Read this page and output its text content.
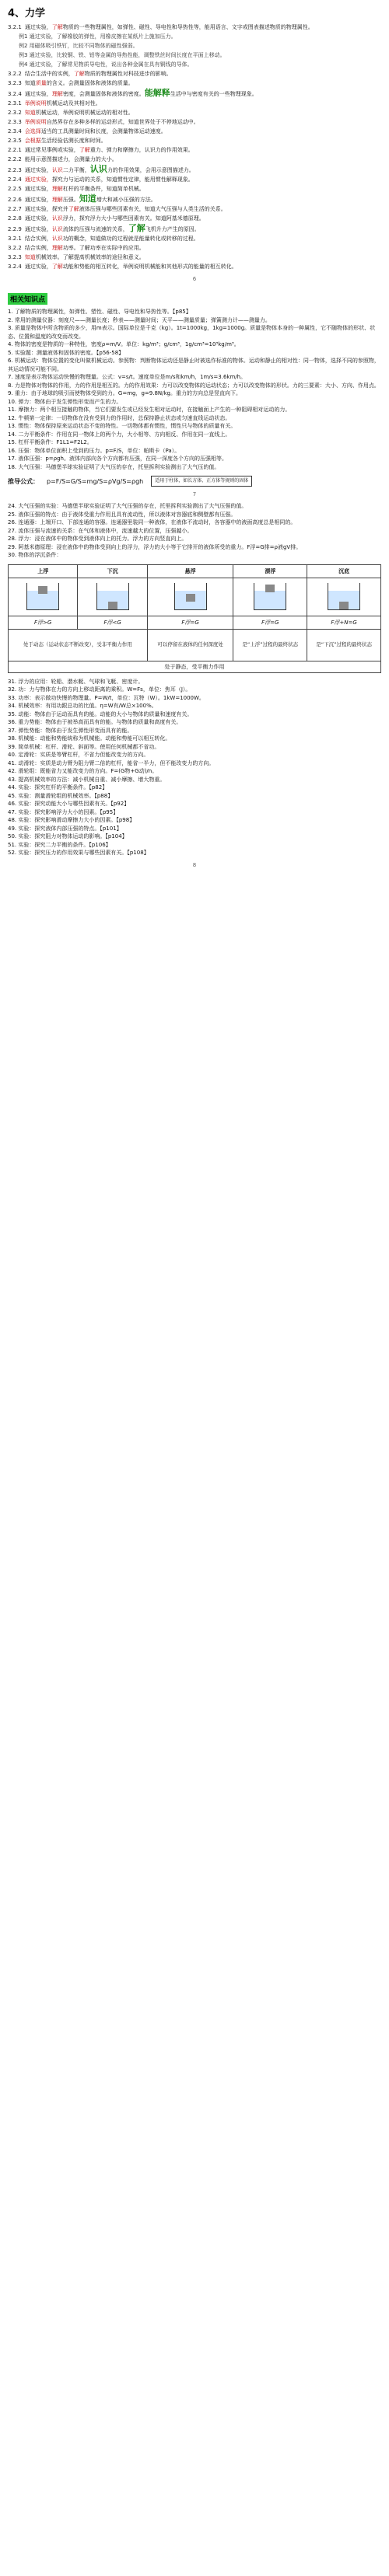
4、力学
3.2.1 通过实验，了解物质的一些物理属性，如弹性、磁性、导电性和导热性等，能用语言、文字或图表描述物质的物理属性。
例1 通过实验，了解橡胶的弹性，用橡皮擦在某纸片上施加压力。
例2 用磁体吸引铁钉，比较不同物体的磁性强弱。
例3 通过实验，比较铜、铁、铝等金属的导热性能，调整铁丝时间长度在平面上移动。
例4 通过实验，了解常见物质导电性，说出各种金属在具有铜线的导体。
3.2.2 结合生活中的实例，了解物质的物理属性对科技进步的影响。
3.2.3 知道质量的含义。会测量固体和液体的质量。
3.2.4 通过实验，理解密度，会测量固体和液体的密度。能解释生活中与密度有关的一些物理现象。
2.3.1 举例说明机械运动及其相对性。
2.3.2 知道机械运动，举例说明机械运动的相对性。
2.3.3 举例说明自然界存在多种多样的运动形式，知道世界处于不停地运动中。
2.3.4 会选择适当的工具测量时间和长度，会测量物体运动速度。
2.3.5 会根据生活经验估测长度和时间。
2.2.1 通过常见事例或实验，了解重力、弹力和摩擦力，认识力的作用效果。
2.2.2 能用示意图描述力，会测量力的大小。
2.2.3 通过实验，认识二力平衡，认识力的作用效果，会用示意图描述力。
2.2.4 通过实验，探究力与运动的关系，知道惯性定律，能用惯性解释现象。
2.2.5 通过实验，理解杠杆的平衡条件，知道简单机械。
2.2.6 通过实验，理解压强。知道增大和减小压强的方法。
2.2.7 通过实验，探究并了解液体压强与哪些因素有关，知道大气压强与人类生活的关系。
2.2.8 通过实验，认识浮力，探究浮力大小与哪些因素有关。知道阿基米德原理。
2.2.9 通过实验，认识流体的压强与流速的关系，了解飞机升力产生的原因。
3.2.1 结合实例，认识功的概念，知道做功的过程就是能量转化或转移的过程。
3.2.2 结合实例，理解功率。了解功率在实际中的应用。
3.2.3 知道机械效率。了解提高机械效率的途径和意义。
3.2.4 通过实验，了解动能和势能的相互转化，举例说明机械能和其他形式的能量的相互转化。
6
相关知识点
1. 了解物质的物理属性，如弹性、塑性、磁性、导电性和导热性等。【p85】
2. 常用的测量仪器：刻度尺——测量长度；秒表——测量时间；天平——测量质量；弹簧测力计——测量力。
3. 质量是物体中所含物质的多少，用m表示。国际单位是千克（kg）。1t=1000kg，1kg=1000g。质量是物体本身的一种属性，它不随物体的形状、状态、位置和温度的改变而改变。
4. 物体的密度是物质的一种特性，密度ρ=m/V。单位：kg/m³；g/cm³，1g/cm³=10³kg/m³。
5. 实验题：测量液体和固体的密度。【p56-58】
6. 机械运动：物体位置的变化叫做机械运动。参照物：判断物体运动还是静止时被选作标准的物体。运动和静止的相对性：同一物体，选择不同的参照物，其运动情况可能不同。
7. 速度是表示物体运动快慢的物理量。公式：v=s/t。速度单位是m/s和km/h，1m/s=3.6km/h。
8. 力是物体对物体的作用，力的作用是相互的。力的作用效果：力可以改变物体的运动状态；力可以改变物体的形状。力的三要素：大小、方向、作用点。
9. 重力：由于地球的吸引而使物体受到的力。G=mg，g=9.8N/kg。重力的方向总是竖直向下。
10. 弹力：物体由于发生弹性形变而产生的力。
11. 摩擦力：两个相互接触的物体，当它们要发生或已经发生相对运动时，在接触面上产生的一种阻碍相对运动的力。
12. 牛顿第一定律：一切物体在没有受到力的作用时，总保持静止状态或匀速直线运动状态。
13. 惯性：物体保持原来运动状态不变的特性。一切物体都有惯性，惯性只与物体的质量有关。
14. 二力平衡条件：作用在同一物体上的两个力，大小相等、方向相反、作用在同一直线上。
15. 杠杆平衡条件：F1L1=F2L2。
16. 压强：物体单位面积上受到的压力。p=F/S，单位：帕斯卡（Pa）。
17. 液体压强：p=ρgh。液体内部向各个方向都有压强，在同一深度各个方向的压强相等。
18. 大气压强：马德堡半球实验证明了大气压的存在，托里拆利实验测出了大气压的值。
推导公式： p=F/S=G/S=mg/S=ρVg/S=ρgh	适用于柱体，如长方体、正方体等规则的固体
7
24. 大气压强的实验：马德堡半球实验证明了大气压强的存在，托里拆利实验测出了大气压强的值。
25. 液体压强的特点：由于液体受重力作用且具有流动性，所以液体对容器底和侧壁都有压强。
26. 连通器：上端开口、下部连通的容器。连通器里装同一种液体，在液体不流动时，各容器中的液面高度总是相同的。
27. 流体压强与流速的关系：在气体和液体中，流速越大的位置，压强越小。
28. 浮力：浸在液体中的物体受到液体向上的托力。浮力的方向竖直向上。
29. 阿基米德原理：浸在液体中的物体受到向上的浮力，浮力的大小等于它排开的液体所受的重力。F浮=G排=ρ液gV排。
30. 物体的浮沉条件：
上浮	下沉	悬浮	漂浮	沉底

F浮>G	F浮<G	F浮=G	F浮=G	F浮+N=G
处于动态（运动状态不断改变），受非平衡力作用		可以停留在液体的任何深度处	是“上浮”过程的最终状态	是“下沉”过程的最终状态
处于静态，受平衡力作用				
31. 浮力的应用：轮船、潜水艇、气球和飞艇、密度计。
32. 功：力与物体在力的方向上移动距离的乘积。W=Fs，单位：焦耳（J）。
33. 功率：表示做功快慢的物理量。P=W/t，单位：瓦特（W）。1kW=1000W。
34. 机械效率：有用功跟总功的比值。η=W有/W总×100%。
35. 动能：物体由于运动而具有的能。动能的大小与物体的质量和速度有关。
36. 重力势能：物体由于被举高而具有的能。与物体的质量和高度有关。
37. 弹性势能：物体由于发生弹性形变而具有的能。
38. 机械能：动能和势能统称为机械能。动能和势能可以相互转化。
39. 简单机械：杠杆、滑轮、斜面等。使用任何机械都不省功。
40. 定滑轮：实质是等臂杠杆，不省力但能改变力的方向。
41. 动滑轮：实质是动力臂为阻力臂二倍的杠杆，能省一半力，但不能改变力的方向。
42. 滑轮组：既能省力又能改变力的方向。F=(G物+G动)/n。
43. 提高机械效率的方法：减小机械自重、减小摩擦、增大物重。
44. 实验：探究杠杆的平衡条件。【p82】
45. 实验：测量滑轮组的机械效率。【p88】
46. 实验：探究动能大小与哪些因素有关。【p92】
47. 实验：探究影响浮力大小的因素。【p95】
48. 实验：探究影响滑动摩擦力大小的因素。【p98】
49. 实验：探究液体内部压强的特点。【p101】
50. 实验：探究阻力对物体运动的影响。【p104】
51. 实验：探究二力平衡的条件。【p106】
52. 实验：探究压力的作用效果与哪些因素有关。【p108】
8
